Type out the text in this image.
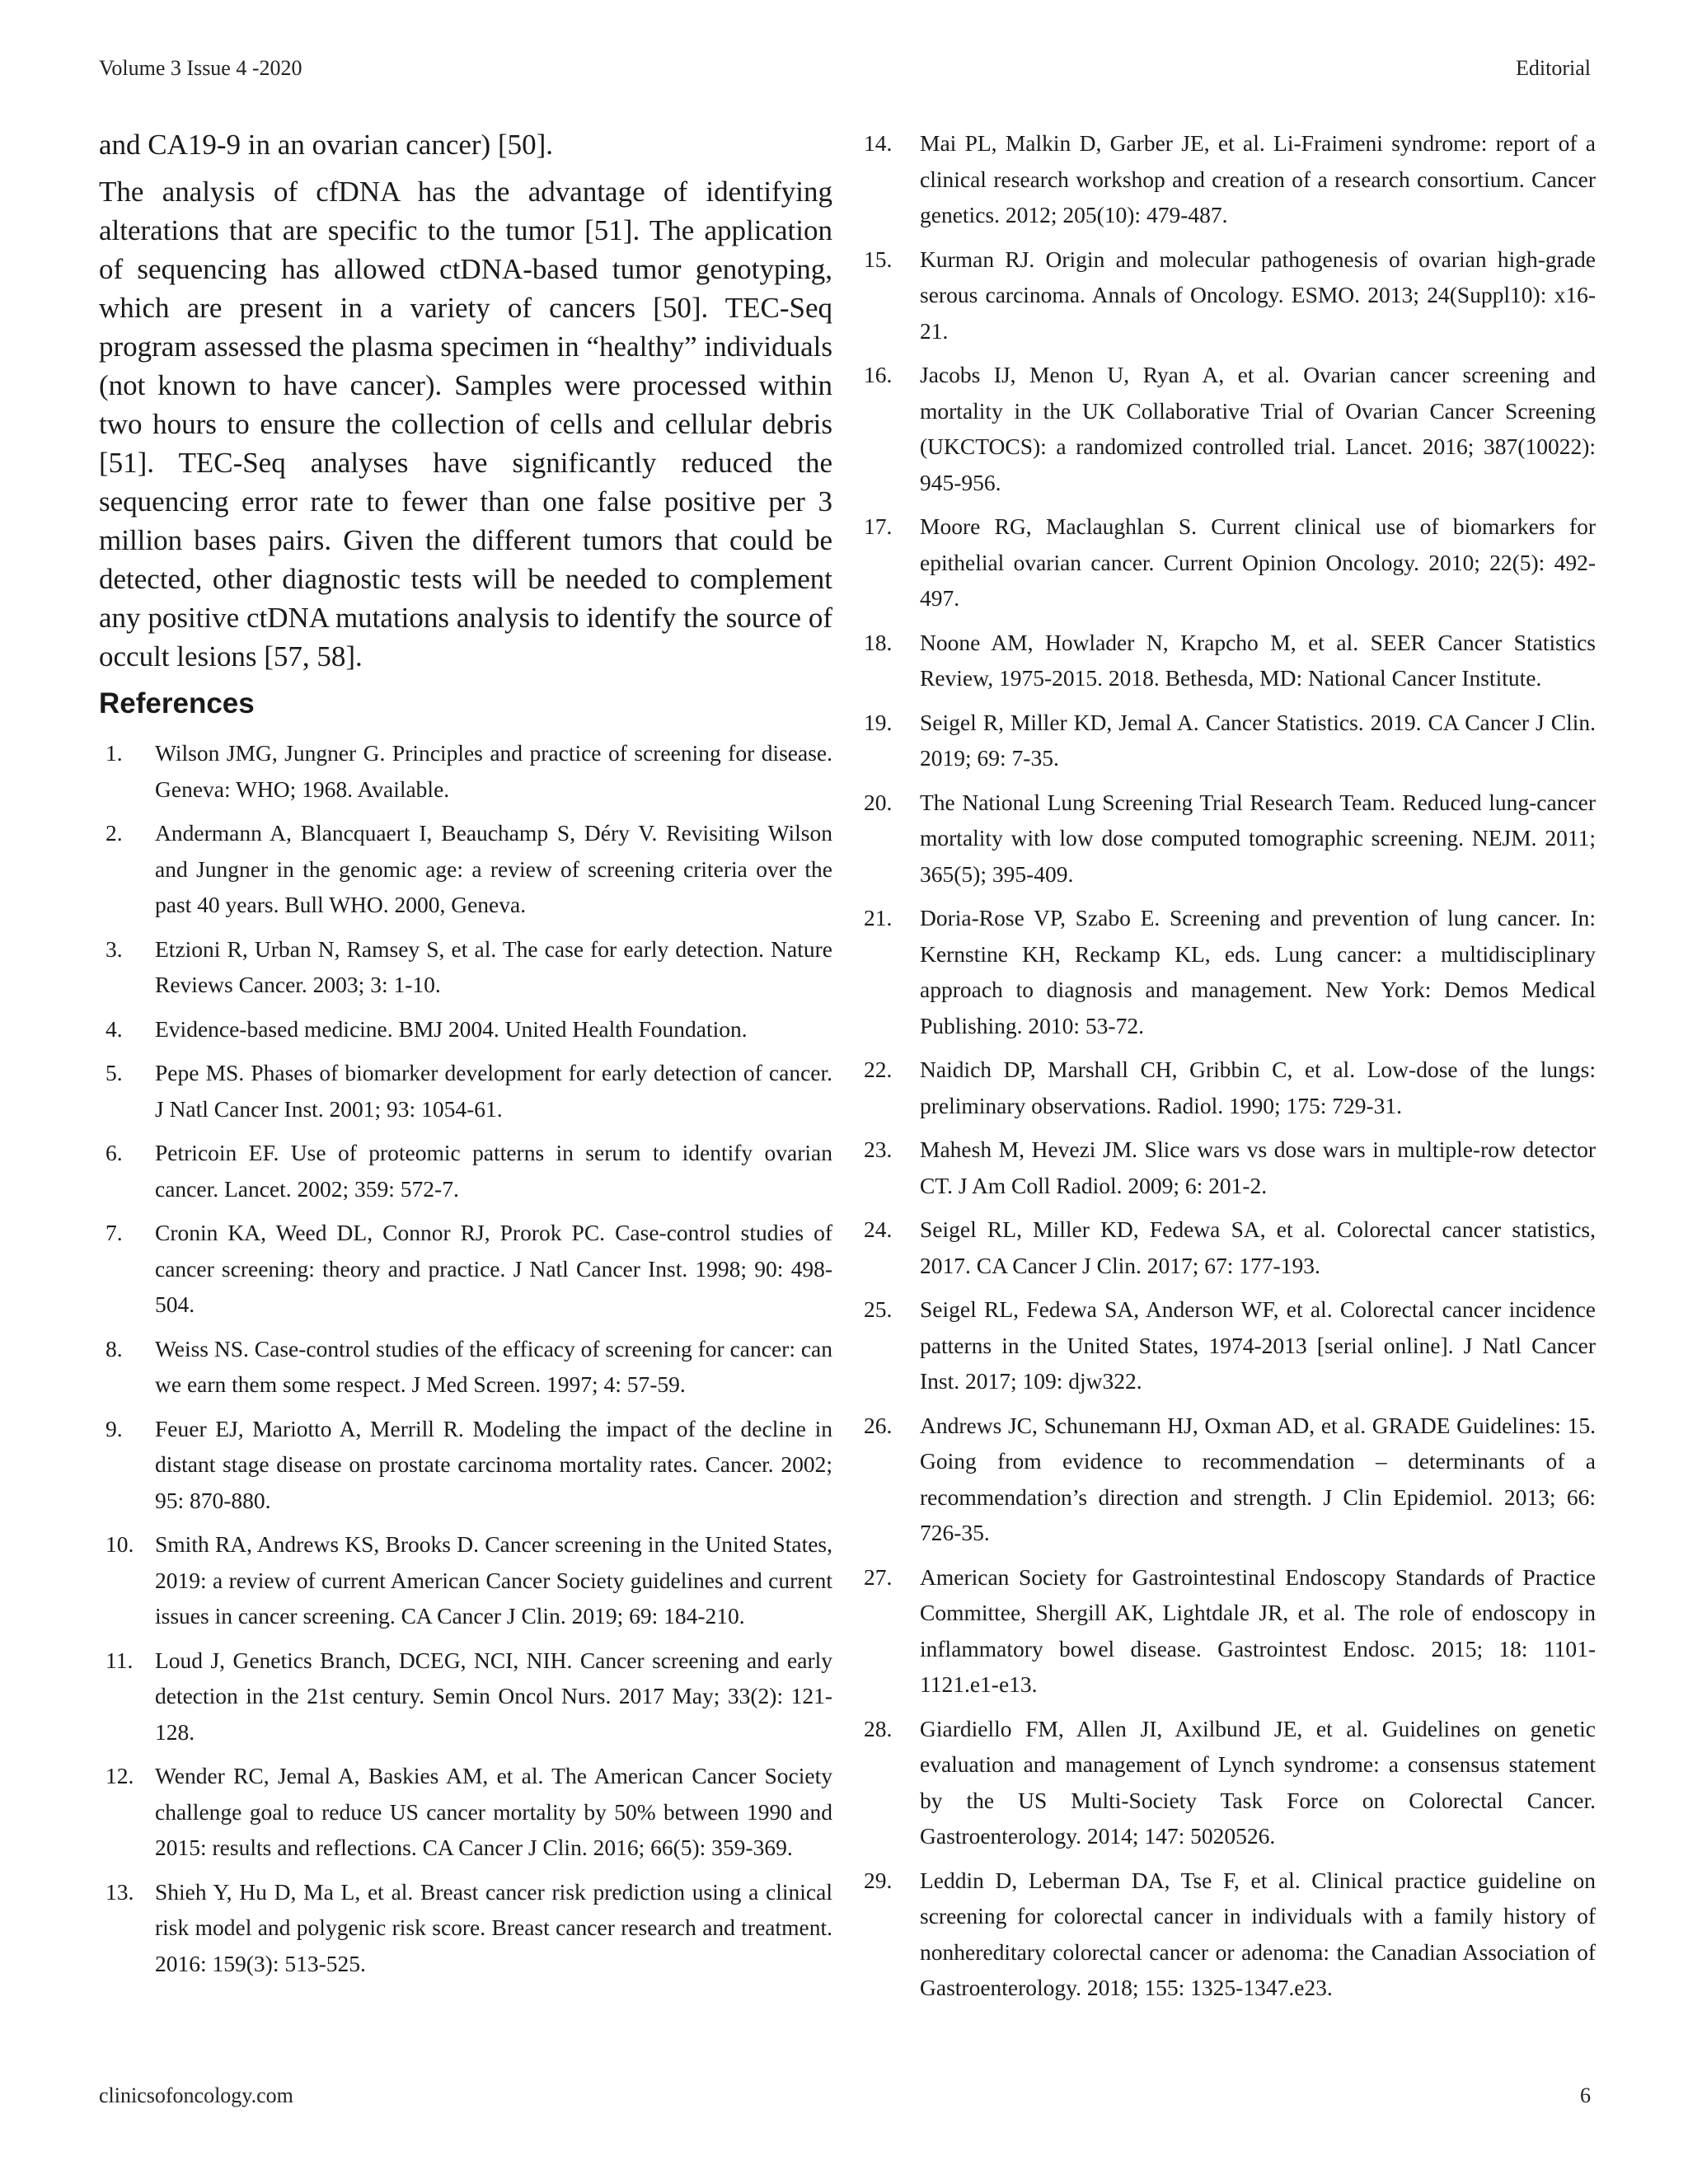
Volume 3 Issue 4 -2020	Editorial

and CA19-9 in an ovarian cancer) [50].

The analysis of cfDNA has the advantage of identifying alterations that are specific to the tumor [51]. The application of sequencing has allowed ctDNA-based tumor genotyping, which are present in a variety of cancers [50]. TEC-Seq program assessed the plasma specimen in “healthy” individuals (not known to have cancer). Samples were processed within two hours to ensure the collection of cells and cellular debris [51]. TEC-Seq analyses have significantly reduced the sequencing error rate to fewer than one false positive per 3 million bases pairs. Given the different tumors that could be detected, other diagnostic tests will be needed to complement any positive ctDNA mutations analysis to identify the source of occult lesions [57, 58].

References
1.	Wilson JMG, Jungner G. Principles and practice of screening for disease. Geneva: WHO; 1968. Available.
2.	Andermann A, Blancquaert I, Beauchamp S, Déry V. Revisiting Wilson and Jungner in the genomic age: a review of screening criteria over the past 40 years. Bull WHO. 2000, Geneva.
3.	Etzioni R, Urban N, Ramsey S, et al. The case for early detection. Nature Reviews Cancer. 2003; 3: 1-10.
4.	Evidence-based medicine. BMJ 2004. United Health Foundation.
5.	Pepe MS. Phases of biomarker development for early detection of cancer. J Natl Cancer Inst. 2001; 93: 1054-61.
6.	Petricoin EF. Use of proteomic patterns in serum to identify ovarian cancer. Lancet. 2002; 359: 572-7.
7.	Cronin KA, Weed DL, Connor RJ, Prorok PC. Case-control studies of cancer screening: theory and practice. J Natl Cancer Inst. 1998; 90: 498-504.
8.	Weiss NS. Case-control studies of the efficacy of screening for cancer: can we earn them some respect. J Med Screen. 1997; 4: 57-59.
9.	Feuer EJ, Mariotto A, Merrill R. Modeling the impact of the decline in distant stage disease on prostate carcinoma mortality rates. Cancer. 2002; 95: 870-880.
10. Smith RA, Andrews KS, Brooks D. Cancer screening in the United States, 2019: a review of current American Cancer Society guidelines and current issues in cancer screening. CA Cancer J Clin. 2019; 69: 184-210.
11. Loud J, Genetics Branch, DCEG, NCI, NIH. Cancer screening and early detection in the 21st century. Semin Oncol Nurs. 2017 May; 33(2): 121-128.
12. Wender RC, Jemal A, Baskies AM, et al. The American Cancer Society challenge goal to reduce US cancer mortality by 50% between 1990 and 2015: results and reflections. CA Cancer J Clin. 2016; 66(5): 359-369.
13. Shieh Y, Hu D, Ma L, et al. Breast cancer risk prediction using a clinical risk model and polygenic risk score. Breast cancer research and treatment. 2016: 159(3): 513-525.
14.	Mai PL, Malkin D, Garber JE, et al. Li-Fraimeni syndrome: report of a clinical research workshop and creation of a research consortium. Cancer genetics. 2012; 205(10): 479-487.
15.	Kurman RJ. Origin and molecular pathogenesis of ovarian high-grade serous carcinoma. Annals of Oncology. ESMO. 2013; 24(Suppl10): x16-21.
16.	Jacobs IJ, Menon U, Ryan A, et al. Ovarian cancer screening and mortality in the UK Collaborative Trial of Ovarian Cancer Screening (UKCTOCS): a randomized controlled trial. Lancet. 2016; 387(10022): 945-956.
17.	Moore RG, Maclaughlan S. Current clinical use of biomarkers for epithelial ovarian cancer. Current Opinion Oncology. 2010; 22(5): 492-497.
18.	Noone AM, Howlader N, Krapcho M, et al. SEER Cancer Statistics Review, 1975-2015. 2018. Bethesda, MD: National Cancer Institute.
19.	Seigel R, Miller KD, Jemal A. Cancer Statistics. 2019. CA Cancer J Clin. 2019; 69: 7-35.
20.	The National Lung Screening Trial Research Team. Reduced lung-cancer mortality with low dose computed tomographic screening. NEJM. 2011; 365(5); 395-409.
21.	Doria-Rose VP, Szabo E. Screening and prevention of lung cancer. In: Kernstine KH, Reckamp KL, eds. Lung cancer: a multidisciplinary approach to diagnosis and management. New York: Demos Medical Publishing. 2010: 53-72.
22.	Naidich DP, Marshall CH, Gribbin C, et al. Low-dose of the lungs: preliminary observations. Radiol. 1990; 175: 729-31.
23.	Mahesh M, Hevezi JM. Slice wars vs dose wars in multiple-row detector CT. J Am Coll Radiol. 2009; 6: 201-2.
24.	Seigel RL, Miller KD, Fedewa SA, et al. Colorectal cancer statistics, 2017. CA Cancer J Clin. 2017; 67: 177-193.
25.	Seigel RL, Fedewa SA, Anderson WF, et al. Colorectal cancer incidence patterns in the United States, 1974-2013 [serial online]. J Natl Cancer Inst. 2017; 109: djw322.
26.	Andrews JC, Schunemann HJ, Oxman AD, et al. GRADE Guidelines: 15. Going from evidence to recommendation – determinants of a recommendation’s direction and strength. J Clin Epidemiol. 2013; 66: 726-35.
27.	American Society for Gastrointestinal Endoscopy Standards of Practice Committee, Shergill AK, Lightdale JR, et al. The role of endoscopy in inflammatory bowel disease. Gastrointest Endosc. 2015; 18: 1101-1121.e1-e13.
28.	Giardiello FM, Allen JI, Axilbund JE, et al. Guidelines on genetic evaluation and management of Lynch syndrome: a consensus statement by the US Multi-Society Task Force on Colorectal Cancer. Gastroenterology. 2014; 147: 5020526.
29.	Leddin D, Leberman DA, Tse F, et al. Clinical practice guideline on screening for colorectal cancer in individuals with a family history of nonhereditary colorectal cancer or adenoma: the Canadian Association of Gastroenterology. 2018; 155: 1325-1347.e23.
clinicsofoncology.com	6
